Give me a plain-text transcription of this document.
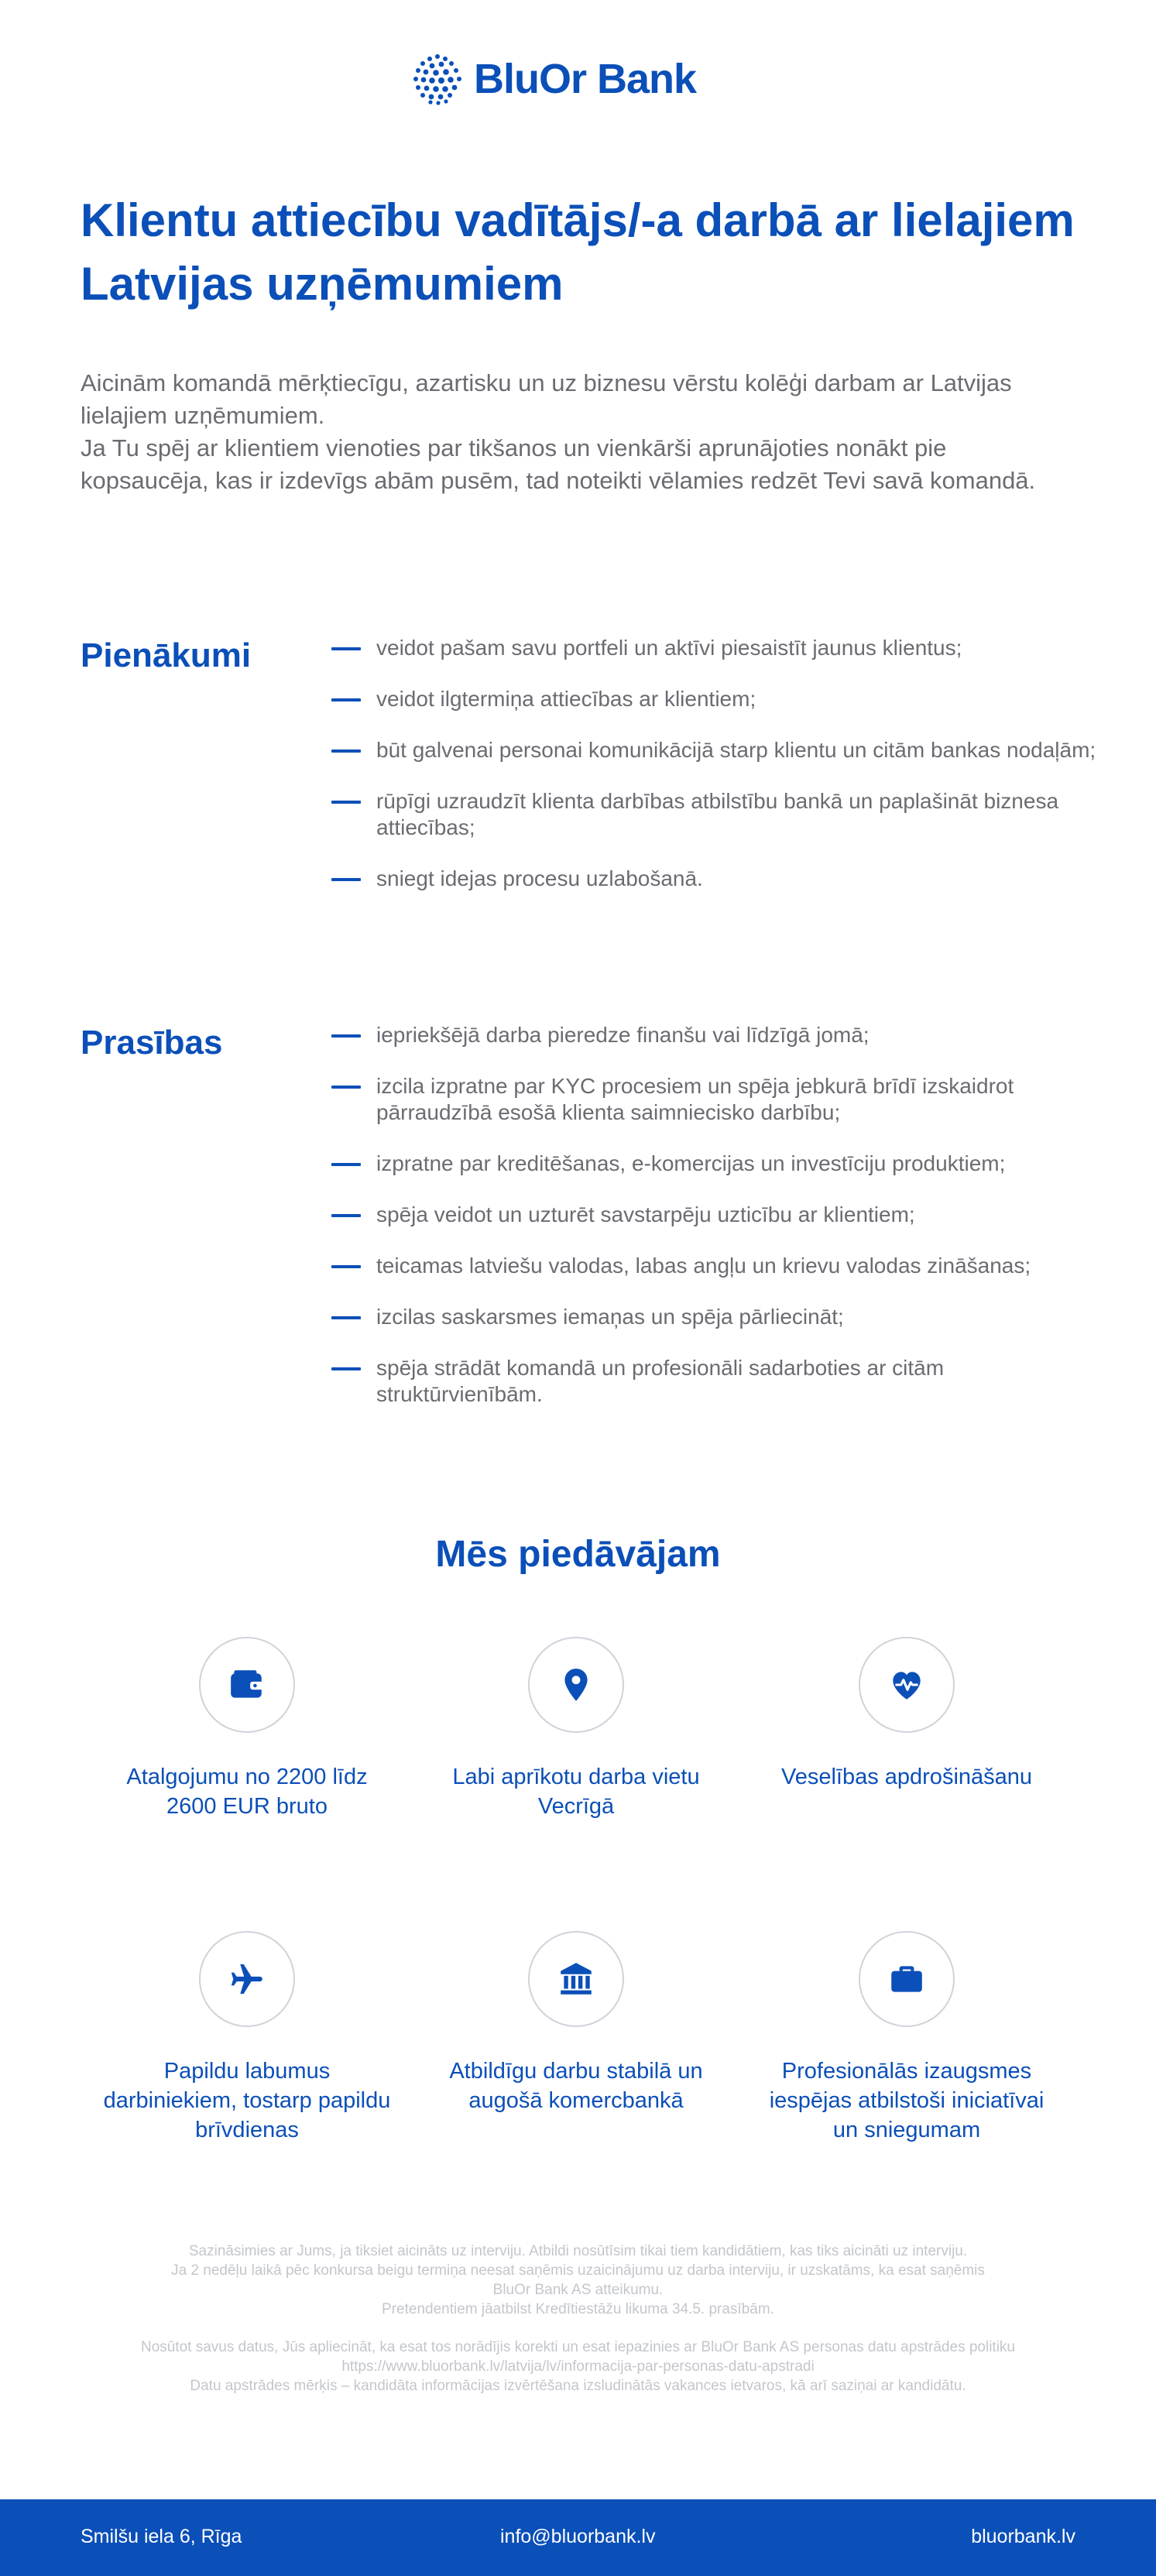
BluOr Bank
Klientu attiecību vadītājs/-a darbā ar lielajiem Latvijas uzņēmumiem

Aicinām komandā mērķtiecīgu, azartisku un uz biznesu vērstu kolēģi darbam ar Latvijas lielajiem uzņēmumiem.

Ja Tu spēj ar klientiem vienoties par tikšanos un vienkārši aprunājoties nonākt pie kopsaucēja, kas ir izdevīgs abām pusēm, tad noteikti vēlamies redzēt Tevi savā komandā.

Pienākumi	veidot pašam savu portfeli un aktīvi piesaistīt jaunus klientus;
veidot ilgtermiņa attiecības ar klientiem;
būt galvenai personai komunikācijā starp klientu un citām bankas nodaļām;
rūpīgi uzraudzīt klienta darbības atbilstību bankā un paplašināt biznesa attiecības;
sniegt idejas procesu uzlabošanā.
Prasības	iepriekšējā darba pieredze finanšu vai līdzīgā jomā;
izcila izpratne par KYC procesiem un spēja jebkurā brīdī izskaidrot pārraudzībā esošā klienta saimniecisko darbību;
izpratne par kreditēšanas, e-komercijas un investīciju produktiem;
spēja veidot un uzturēt savstarpēju uzticību ar klientiem;
teicamas latviešu valodas, labas angļu un krievu valodas zināšanas;
izcilas saskarsmes iemaņas un spēja pārliecināt;
spēja strādāt komandā un profesionāli sadarboties ar citām struktūrvienībām.
Mēs piedāvājam
Atalgojumu no 2200 līdz 2600 EUR bruto
Labi aprīkotu darba vietu Vecrīgā
Veselības apdrošināšanu
Papildu labumus darbiniekiem, tostarp papildu brīvdienas
Atbildīgu darbu stabilā un augošā komercbankā
Profesionālās izaugsmes iespējas atbilstoši iniciatīvai un sniegumam

Sazināsimies ar Jums, ja tiksiet aicināts uz interviju. Atbildi nosūtīsim tikai tiem kandidātiem, kas tiks aicināti uz interviju.

Ja 2 nedēļu laikā pēc konkursa beigu termiņa neesat saņēmis uzaicinājumu uz darba interviju, ir uzskatāms, ka esat saņēmis

BluOr Bank AS atteikumu.

Pretendentiem jāatbilst Kredītiestāžu likuma 34.5. prasībām.

Nosūtot savus datus, Jūs apliecināt, ka esat tos norādījis korekti un esat iepazinies ar BluOr Bank AS personas datu apstrādes politiku

https://www.bluorbank.lv/latvija/lv/informacija-par-personas-datu-apstradi

Datu apstrādes mērķis – kandidāta informācijas izvērtēšana izsludinātās vakances ietvaros, kā arī saziņai ar kandidātu.

Smilšu iela 6, Rīga	info@bluorbank.lv	bluorbank.lv
